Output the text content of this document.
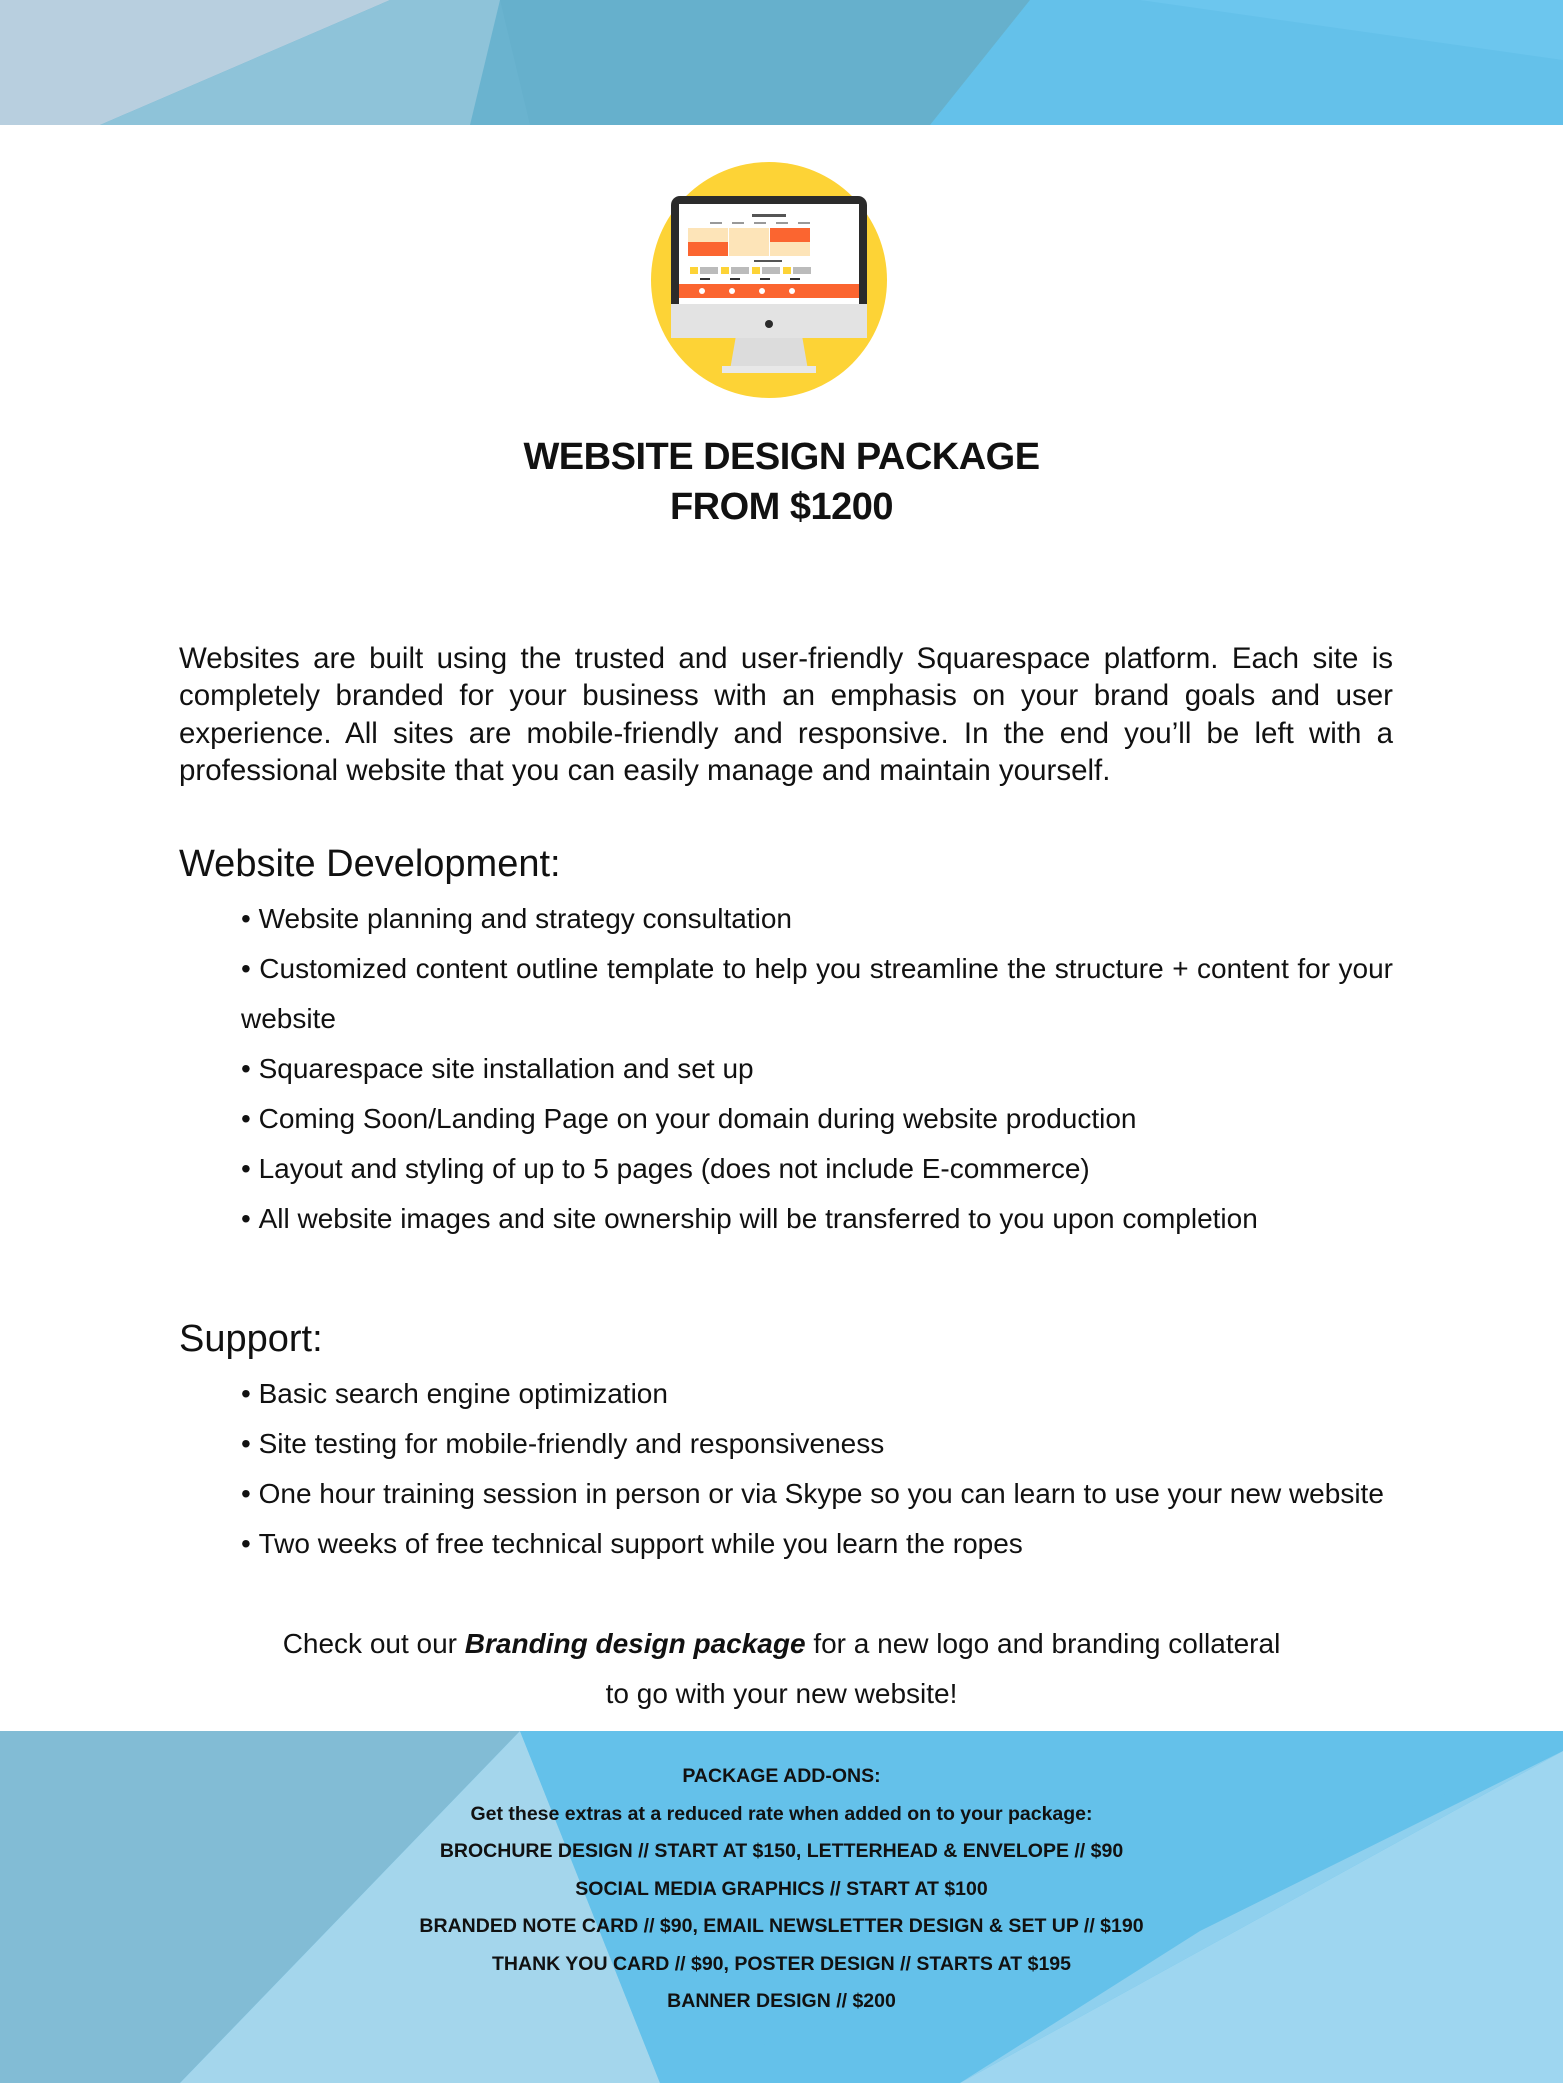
WEBSITE DESIGN PACKAGE
FROM $1200

Websites are built using the trusted and user-friendly Squarespace platform. Each site is completely branded for your business with an emphasis on your brand goals and user experience. All sites are mobile-friendly and responsive. In the end you’ll be left with a professional website that you can easily manage and maintain yourself.

Website Development:
• Website planning and strategy consultation
• Customized content outline template to help you streamline the structure + content for your website
• Squarespace site installation and set up
• Coming Soon/Landing Page on your domain during website production
• Layout and styling of up to 5 pages (does not include E-commerce)
• All website images and site ownership will be transferred to you upon completion
Support:
• Basic search engine optimization
• Site testing for mobile-friendly and responsiveness
• One hour training session in person or via Skype so you can learn to use your new website
• Two weeks of free technical support while you learn the ropes
Check out our Branding design package for a new logo and branding collateral
to go with your new website!
PACKAGE ADD-ONS:
Get these extras at a reduced rate when added on to your package:
BROCHURE DESIGN // START AT $150, LETTERHEAD & ENVELOPE // $90
SOCIAL MEDIA GRAPHICS // START AT $100
BRANDED NOTE CARD // $90, EMAIL NEWSLETTER DESIGN & SET UP // $190
THANK YOU CARD // $90, POSTER DESIGN // STARTS AT $195
BANNER DESIGN // $200
